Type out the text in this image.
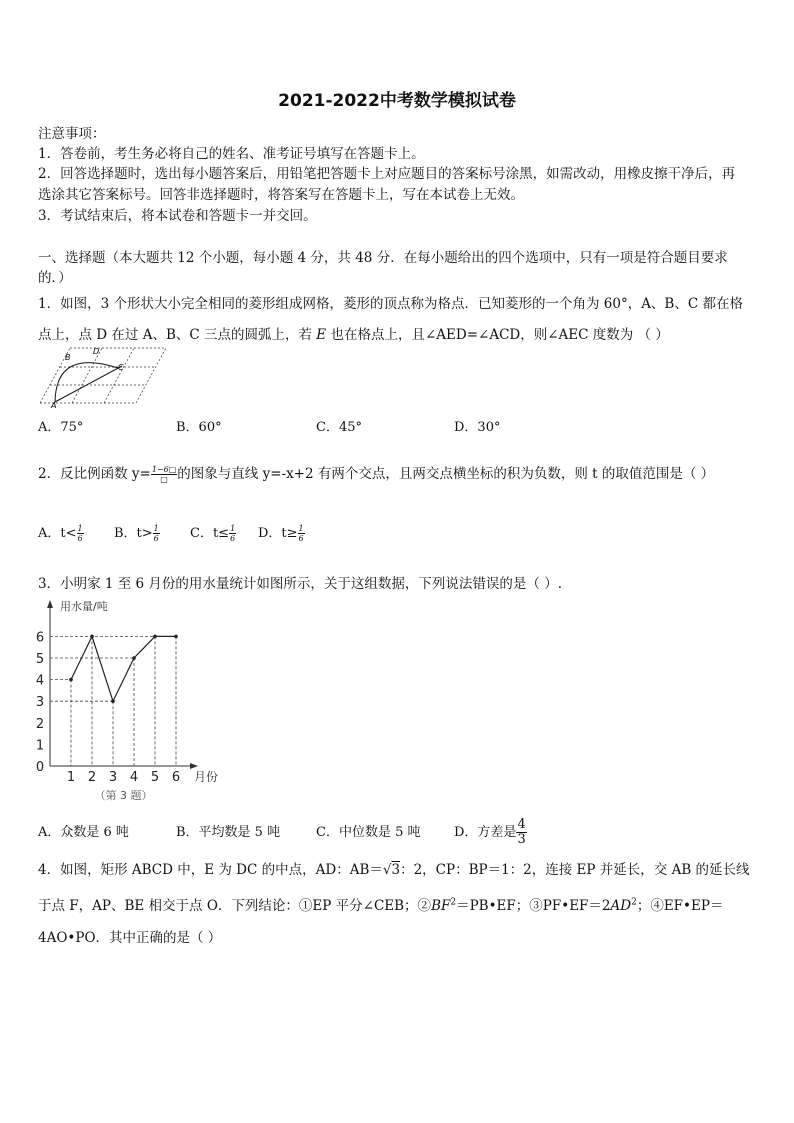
2021-2022中考数学模拟试卷
注意事项：
1．答卷前，考生务必将自己的姓名、准考证号填写在答题卡上。
2．回答选择题时，选出每小题答案后，用铅笔把答题卡上对应题目的答案标号涂黑，如需改动，用橡皮擦干净后，再
选涂其它答案标号。回答非选择题时，将答案写在答题卡上，写在本试卷上无效。
3．考试结束后，将本试卷和答题卡一并交回。
一、选择题（本大题共 12 个小题，每小题 4 分，共 48 分．在每小题给出的四个选项中，只有一项是符合题目要求
的．）
1．如图，3 个形状大小完全相同的菱形组成网格，菱形的顶点称为格点．已知菱形的一个角为 60°，A、B、C 都在格
点上，点 D 在过 A、B、C 三点的圆弧上，若 E 也在格点上，且∠AED=∠ACD，则∠AEC 度数为 （ ）
B
D
C
A
A．75°	B．60°	C．45°	D．30°
2．反比例函数 $y= \frac{1-6□}{□}$ 的图象与直线 y=-x+2 有两个交点，且两交点横坐标的积为负数，则 t 的取值范围是（ ）
A．$t< \frac{1}{6}$ B．$t> \frac{1}{6}$ C．$t\le \frac{1}{6}$ D．$t\ge \frac{1}{6}$
3．小明家 1 至 6 月份的用水量统计如图所示，关于这组数据，下列说法错误的是（ ）.
0
1
2
3
4
5
6
1 2 3 4 5 6
用水量/吨
月份
（第 3 题）
A．众数是 6 吨	B．平均数是 5 吨	C．中位数是 5 吨	D．方差是 $\frac{4}{3}$
4．如图，矩形 ABCD 中，E 为 DC 的中点，AD：AB＝√3：2，CP：BP＝1：2，连接 EP 并延长，交 AB 的延长线
于点 F，AP、BE 相交于点 O．下列结论：①EP 平分∠CEB；$②BF^2=PB•EF$；$③PF•EF=2AD^2$；④EF•EP＝
4AO•PO．其中正确的是（ ）
